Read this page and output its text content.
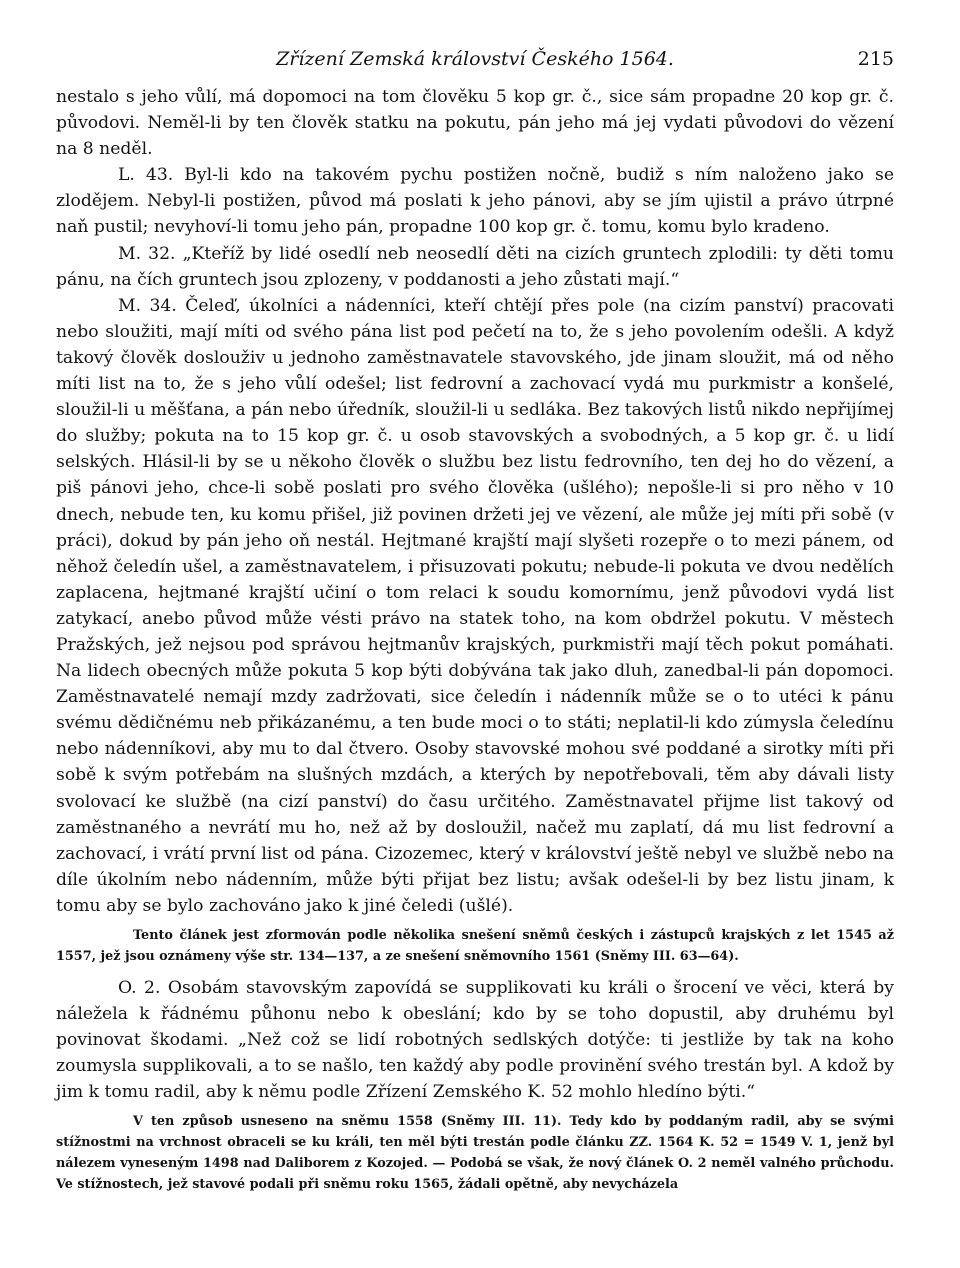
Zřízení Zemská království Českého 1564.	215

nestalo s jeho vůlí, má dopomoci na tom člověku 5 kop gr. č., sice sám propadne 20 kop gr. č. původovi. Neměl-li by ten člověk statku na pokutu, pán jeho má jej vydati původovi do vězení na 8 neděl.

L. 43. Byl-li kdo na takovém pychu postižen nočně, budiž s ním naloženo jako se zlodějem. Nebyl-li postižen, původ má poslati k jeho pánovi, aby se jím ujistil a právo útrpné naň pustil; nevyhoví-li tomu jeho pán, propadne 100 kop gr. č. tomu, komu bylo kradeno.

M. 32. „Kteříž by lidé osedlí neb neosedlí děti na cizích gruntech zplodili: ty děti tomu pánu, na čích gruntech jsou zplozeny, v poddanosti a jeho zůstati mají.“

M. 34. Čeleď, úkolníci a nádenníci, kteří chtějí přes pole (na cizím panství) pracovati nebo sloužiti, mají míti od svého pána list pod pečetí na to, že s jeho povolením odešli. A když takový člověk doslouživ u jednoho zaměstnavatele stavovského, jde jinam sloužit, má od něho míti list na to, že s jeho vůlí odešel; list fedrovní a zachovací vydá mu purkmistr a konšelé, sloužil-li u měšťana, a pán nebo úředník, sloužil-li u sedláka. Bez takových listů nikdo nepřijímej do služby; pokuta na to 15 kop gr. č. u osob stavovských a svobodných, a 5 kop gr. č. u lidí selských. Hlásil-li by se u někoho člověk o službu bez listu fedrovního, ten dej ho do vězení, a piš pánovi jeho, chce-li sobě poslati pro svého člověka (ušlého); nepošle-li si pro něho v 10 dnech, nebude ten, ku komu přišel, již povinen držeti jej ve vězení, ale může jej míti při sobě (v práci), dokud by pán jeho oň nestál. Hejtmané krajští mají slyšeti rozepře o to mezi pánem, od něhož čeledín ušel, a zaměstnavatelem, i přisuzovati pokutu; nebude-li pokuta ve dvou nedělích zaplacena, hejtmané krajští učiní o tom relaci k soudu komornímu, jenž původovi vydá list zatykací, anebo původ může vésti právo na statek toho, na kom obdržel pokutu. V městech Pražských, jež nejsou pod správou hejtmanův krajských, purkmistři mají těch pokut pomáhati. Na lidech obecných může pokuta 5 kop býti dobývána tak jako dluh, zanedbal-li pán dopomoci. Zaměstnavatelé nemají mzdy zadržovati, sice čeledín i nádenník může se o to utéci k pánu svému dědičnému neb přikázanému, a ten bude moci o to státi; neplatil-li kdo zúmysla čeledínu nebo nádenníkovi, aby mu to dal čtvero. Osoby stavovské mohou své poddané a sirotky míti při sobě k svým potřebám na slušných mzdách, a kterých by nepotřebovali, těm aby dávali listy svolovací ke službě (na cizí panství) do času určitého. Zaměstnavatel přijme list takový od zaměstnaného a nevrátí mu ho, než až by dosloužil, načež mu zaplatí, dá mu list fedrovní a zachovací, i vrátí první list od pána. Cizozemec, který v království ještě nebyl ve službě nebo na díle úkolním nebo nádenním, může býti přijat bez listu; avšak odešel-li by bez listu jinam, k tomu aby se bylo zachováno jako k jiné čeledi (ušlé).

Tento článek jest zformován podle několika snešení sněmů českých i zástupců krajských z let 1545 až 1557, jež jsou oznámeny výše str. 134—137, a ze snešení sněmovního 1561 (Sněmy III. 63—64).

O. 2. Osobám stavovským zapovídá se supplikovati ku králi o šrocení ve věci, která by náležela k řádnému půhonu nebo k obeslání; kdo by se toho dopustil, aby druhému byl povinovat škodami. „Než což se lidí robotných sedlských dotýče: ti jestliže by tak na koho zoumysla supplikovali, a to se našlo, ten každý aby podle provinění svého trestán byl. A kdož by jim k tomu radil, aby k němu podle Zřízení Zemského K. 52 mohlo hledíno býti.“

V ten způsob usneseno na sněmu 1558 (Sněmy III. 11). Tedy kdo by poddaným radil, aby se svými stížnostmi na vrchnost obraceli se ku králi, ten měl býti trestán podle článku ZZ. 1564 K. 52 = 1549 V. 1, jenž byl nálezem vyneseným 1498 nad Daliborem z Kozojed. — Podobá se však, že nový článek O. 2 neměl valného průchodu. Ve stížnostech, jež stavové podali při sněmu roku 1565, žádali opětně, aby nevycházela
